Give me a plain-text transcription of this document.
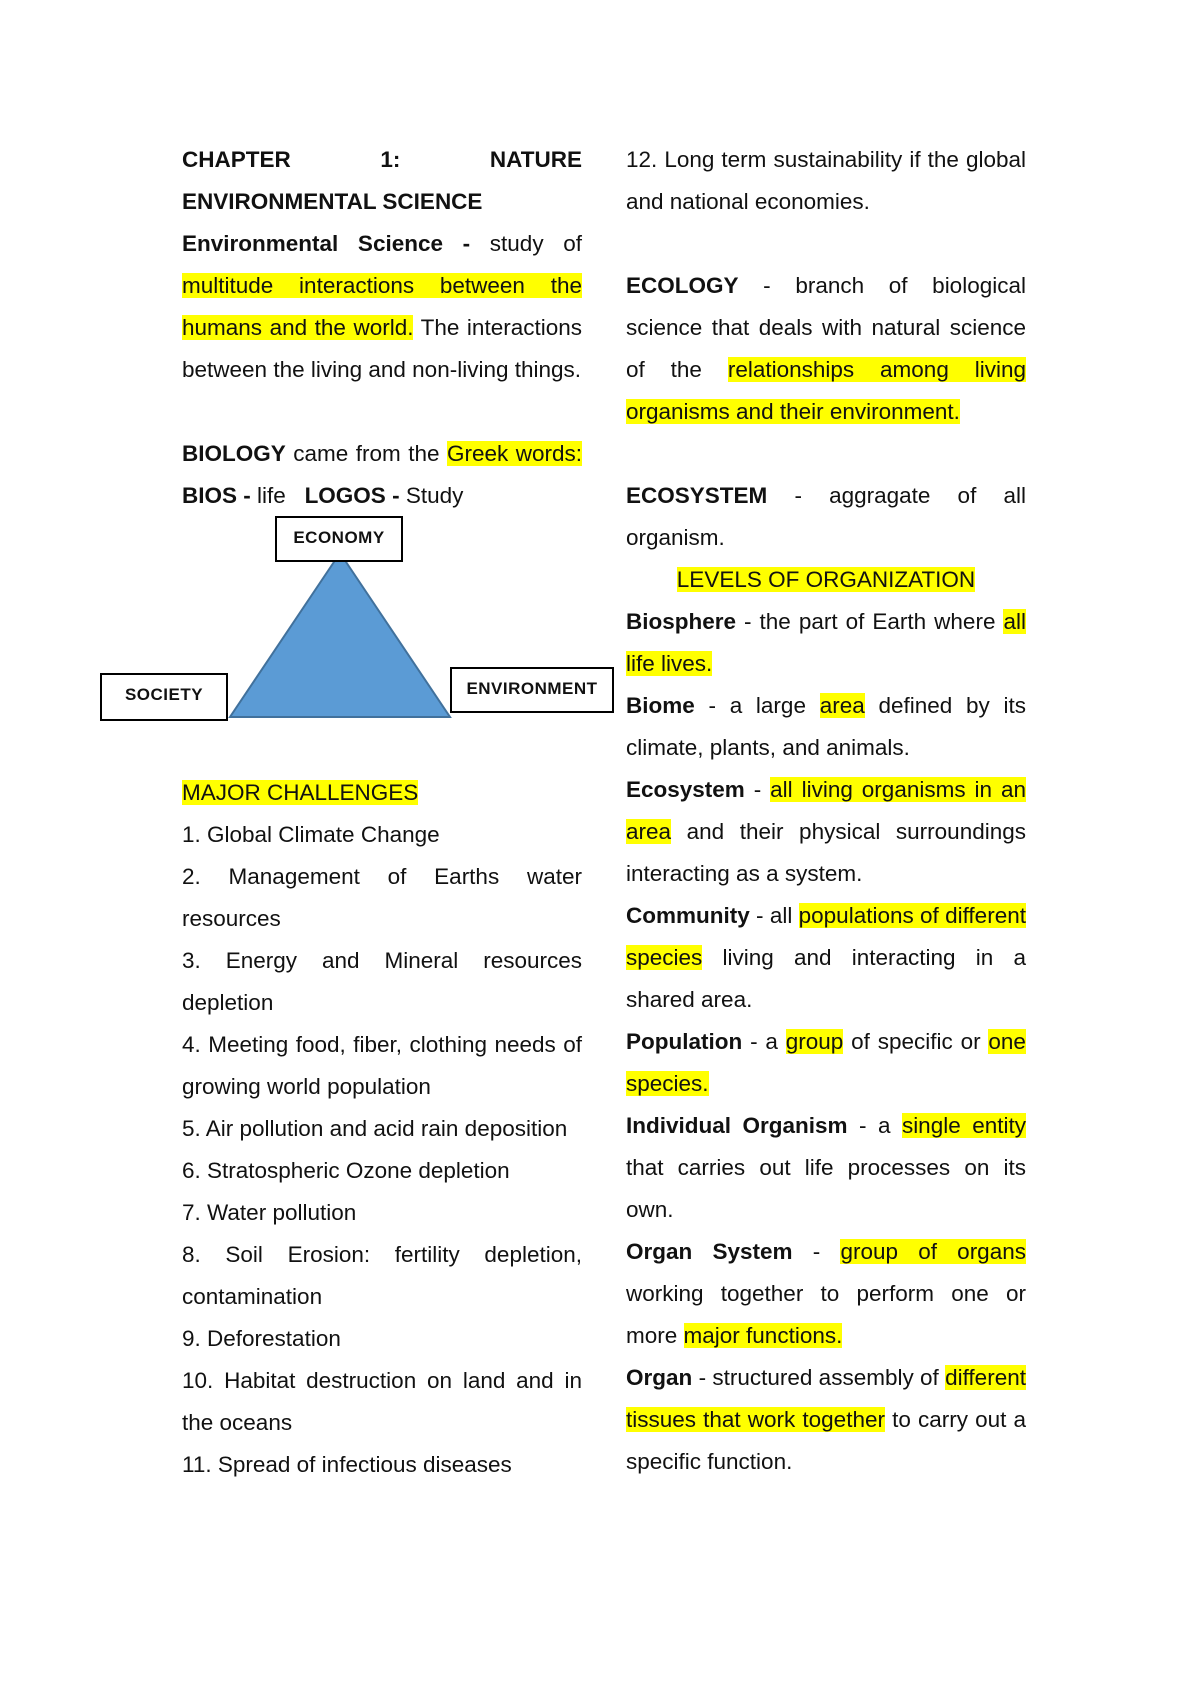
CHAPTER 1: NATURE

ENVIRONMENTAL SCIENCE

Environmental Science - study of multitude interactions between the humans and the world. The interactions between the living and non-living things.

BIOLOGY came from the Greek words: BIOS - life LOGOS - Study

ECONOMY
SOCIETY	ENVIRONMENT

MAJOR CHALLENGES

1. Global Climate Change

2. Management of Earths water resources

3. Energy and Mineral resources depletion

4. Meeting food, fiber, clothing needs of growing world population

5. Air pollution and acid rain deposition

6. Stratospheric Ozone depletion

7. Water pollution

8. Soil Erosion: fertility depletion, contamination

9. Deforestation

10. Habitat destruction on land and in the oceans

11. Spread of infectious diseases

12. Long term sustainability if the global and national economies.

ECOLOGY - branch of biological science that deals with natural science of the relationships among living organisms and their environment.

ECOSYSTEM - aggragate of all organism.

LEVELS OF ORGANIZATION

Biosphere - the part of Earth where all life lives.

Biome - a large area defined by its climate, plants, and animals.

Ecosystem - all living organisms in an area and their physical surroundings interacting as a system.

Community - all populations of different species living and interacting in a shared area.

Population - a group of specific or one species.

Individual Organism - a single entity that carries out life processes on its own.

Organ System - group of organs working together to perform one or more major functions.

Organ - structured assembly of different tissues that work together to carry out a specific function.
